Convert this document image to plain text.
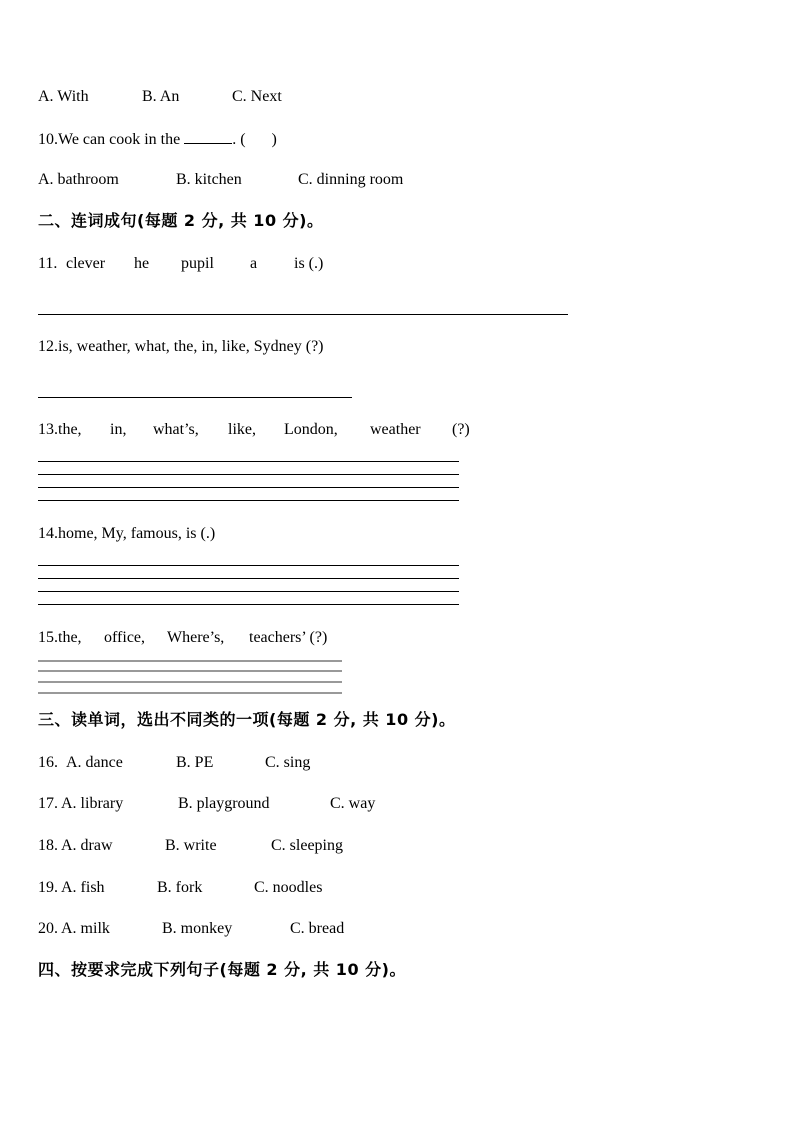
A. With	B. An	C. Next
10.We can cook in the	. ( )
A. bathroom	B. kitchen	C. dinning room
二、连词成句(每题 2 分, 共 10 分)。
11. clever he pupil a is (.)
12.is, weather, what, the, in, like, Sydney (?)
13.the, in, what’s, like, London, weather (?)
14.home, My, famous, is (.)
15.the, office, Where’s, teachers’ (?)
三、读单词，选出不同类的一项(每题 2 分, 共 10 分)。
16. A. dance	B. PE	C. sing
17. A. library	B. playground	C. way
18. A. draw	B. write	C. sleeping
19. A. fish	B. fork	C. noodles
20. A. milk	B. monkey	C. bread
四、按要求完成下列句子(每题 2 分, 共 10 分)。
